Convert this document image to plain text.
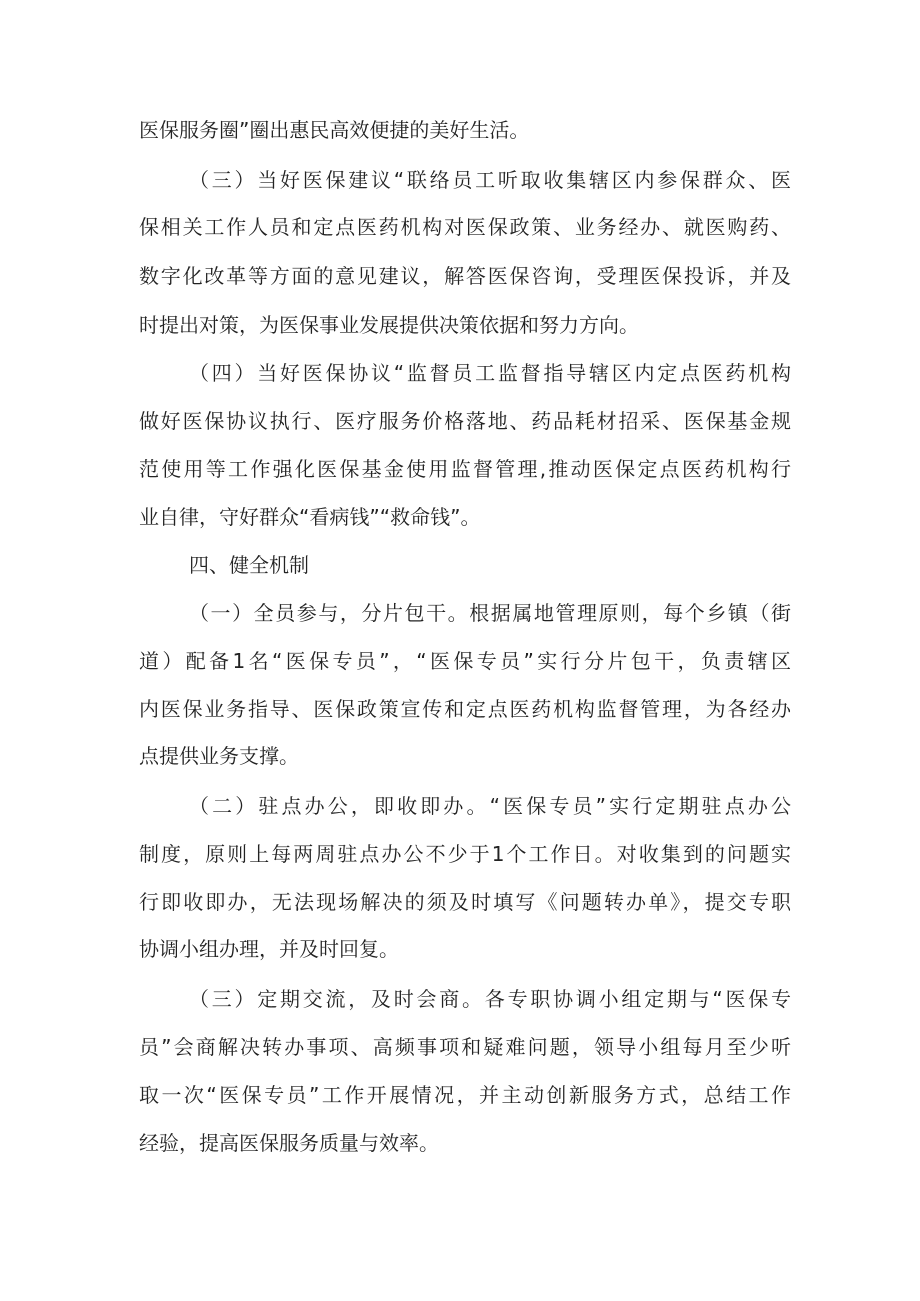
医保服务圈”圈出惠民高效便捷的美好生活。

（三）当好医保建议“联络员工听取收集辖区内参保群众、医

保相关工作人员和定点医药机构对医保政策、业务经办、就医购药、

数字化改革等方面的意见建议，解答医保咨询，受理医保投诉，并及

时提出对策，为医保事业发展提供决策依据和努力方向。

（四）当好医保协议“监督员工监督指导辖区内定点医药机构

做好医保协议执行、医疗服务价格落地、药品耗材招采、医保基金规

范使用等工作强化医保基金使用监督管理,推动医保定点医药机构行

业自律，守好群众“看病钱”“救命钱”。

四、健全机制

（一）全员参与，分片包干。根据属地管理原则，每个乡镇（街

道）配备1名“医保专员”，“医保专员”实行分片包干，负责辖区

内医保业务指导、医保政策宣传和定点医药机构监督管理，为各经办

点提供业务支撑。

（二）驻点办公，即收即办。“医保专员”实行定期驻点办公

制度，原则上每两周驻点办公不少于1个工作日。对收集到的问题实

行即收即办，无法现场解决的须及时填写《问题转办单》，提交专职

协调小组办理，并及时回复。

（三）定期交流，及时会商。各专职协调小组定期与“医保专

员”会商解决转办事项、高频事项和疑难问题，领导小组每月至少听

取一次“医保专员”工作开展情况，并主动创新服务方式，总结工作

经验，提高医保服务质量与效率。
